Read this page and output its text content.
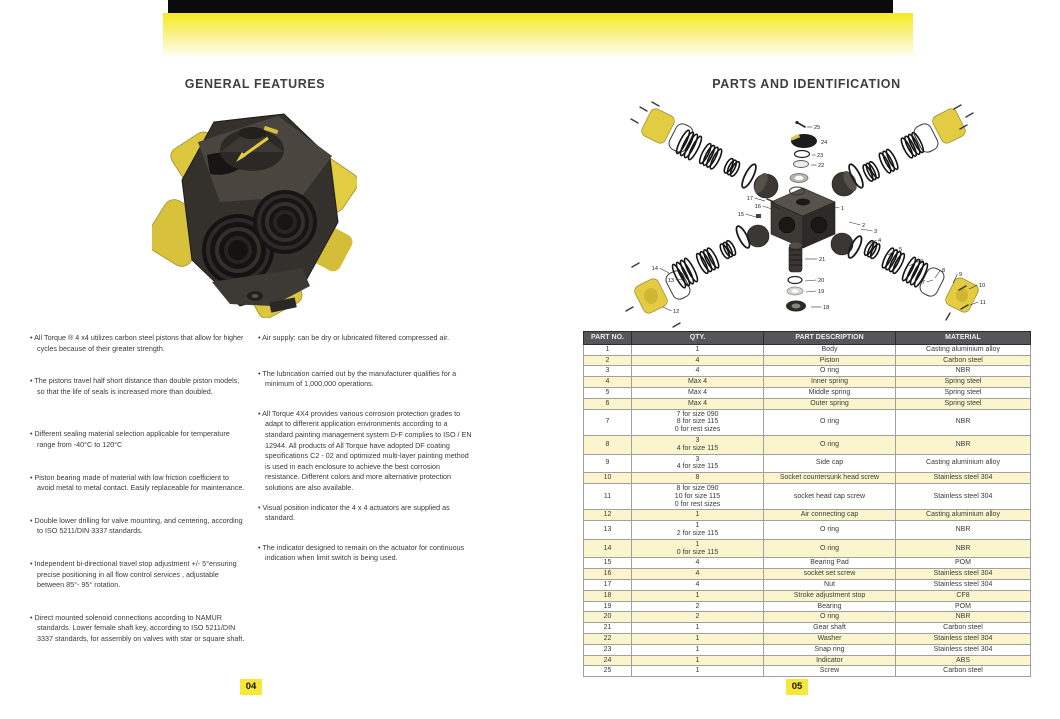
GENERAL FEATURES	PARTS AND IDENTIFICATION
• All Torque ® 4 x4 utilizes carbon steel pistons that allow for higher cycles because of their greater strength.
• The pistons travel half short distance than double piston models, so that the life of seals is increased more than doubled.
• Different sealing material selection applicable for temperature range from -40°C to 120°C
• Piston bearing made of material with low friction coefficient to avoid metal to metal contact. Easily replaceable for maintenance.
• Double lower drilling for valve mounting, and centering, according to ISO 5211/DIN 3337 standards.
• Independent bi-directional travel stop adjustment +/- 5°ensuring precise positioning in all flow control services , adjustable between 85°- 95° rotation.
• Direct mounted solenoid connections according to NAMUR standards. Lower female shaft key, according to ISO 5211/DIN 3337 standards, for assembly on valves with star or square shaft.
• Air supply: can be dry or lubricated filtered compressed air.
• The lubrication carried out by the manufacturer qualifies for a minimum of 1,000,000 operations.
• All Torque 4X4 provides various corrosion protection grades to adapt to different application environments according to a standard painting management system D-F complies to ISO / EN 12944. All products of All Torque have adopted DF coating specifications C2 - 02 and optimized multi-layer painting method is used in each enclosure to achieve the best corrosion resistance. Different colors and more alternative protection solutions are also available.
• Visual position indicator the 4 x 4 actuators are supplied as standard.
• The indicator designed to remain on the actuator for continuous indication when limit switch is being used.
1
2
3
4
5
6
7
8
9
10
11
12
13
14
15
16
17
18
19
20
21
22
23
24
25
PART NO.	QTY.	PART DESCRIPTION	MATERIAL
1	1	Body	Casting aluminium alloy
2	4	Piston	Carbon steel
3	4	O ring	NBR
4	Max 4	Inner spring	Spring steel
5	Max 4	Middle spring	Spring steel
6	Max 4	Outer spring	Spring steel
7	7 for size 090
8 for size 115
0 for rest sizes	O ring	NBR
8	3
4 for size 115	O ring	NBR
9	3
4 for size 115	Side cap	Casting aluminium alloy
10	8	Socket countersunk head screw	Stainless steel 304
11	8 for size 090
10 for size 115
0 for rest sizes	socket head cap screw	Stainless steel 304
12	1	Air connecting cap	Casting aluminium alloy
13	1
2 for size 115	O ring	NBR
14	1
0 for size 115	O ring	NBR
15	4	Bearing Pad	POM
16	4	socket set screw	Stainless steel 304
17	4	Nut	Stainless steel 304
18	1	Stroke adjustment stop	CF8
19	2	Bearing	POM
20	2	O ring	NBR
21	1	Gear shaft	Carbon steel
22	1	Washer	Stainless steel 304
23	1	Snap ring	Stainless steel 304
24	1	Indicator	ABS
25	1	Screw	Carbon steel
04	05
